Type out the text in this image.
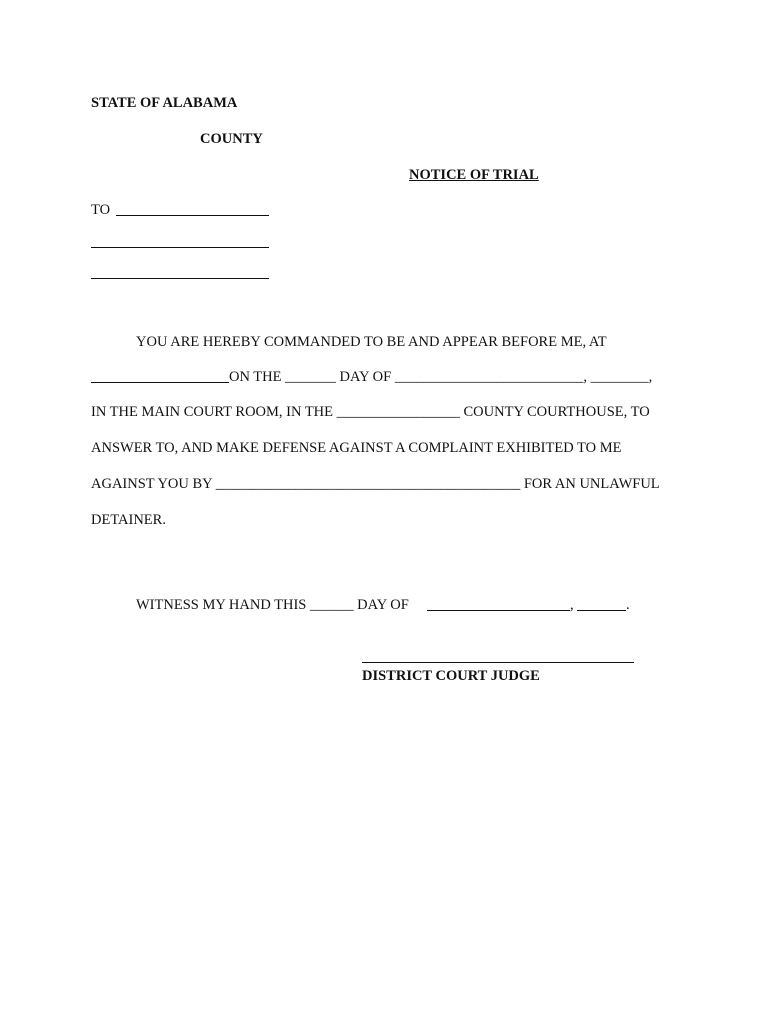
STATE OF ALABAMA
COUNTY
NOTICE OF TRIAL
TO
YOU ARE HEREBY COMMANDED TO BE AND APPEAR BEFORE ME, AT
ON THE _______ DAY OF __________________________, ________,
IN THE MAIN COURT ROOM, IN THE _________________ COUNTY COURTHOUSE, TO
ANSWER TO, AND MAKE DEFENSE AGAINST A COMPLAINT EXHIBITED TO ME
AGAINST YOU BY __________________________________________ FOR AN UNLAWFUL
DETAINER.
WITNESS MY HAND THIS ______ DAY OF	,	.
DISTRICT COURT JUDGE
